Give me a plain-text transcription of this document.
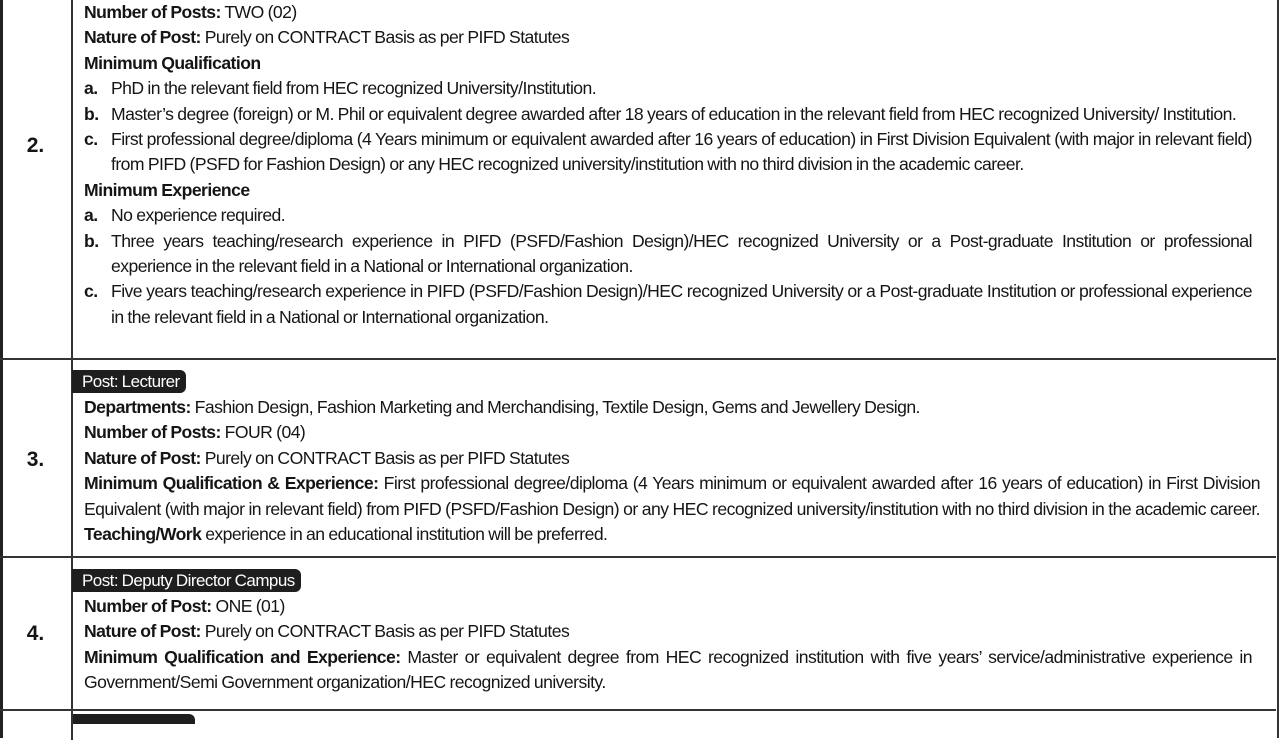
2.
Number of Posts: TWO (02)
Nature of Post: Purely on CONTRACT Basis as per PIFD Statutes
Minimum Qualification
a. PhD in the relevant field from HEC recognized University/Institution.
b. Master’s degree (foreign) or M. Phil or equivalent degree awarded after 18 years of education in the relevant field from HEC recognized University/ Institution.
c. First professional degree/diploma (4 Years minimum or equivalent awarded after 16 years of education) in First Division Equivalent (with major in relevant field) from PIFD (PSFD for Fashion Design) or any HEC recognized university/institution with no third division in the academic career.
Minimum Experience
a. No experience required.
b. Three years teaching/research experience in PIFD (PSFD/Fashion Design)/HEC recognized University or a Post-graduate Institution or professional experience in the relevant field in a National or International organization.
c. Five years teaching/research experience in PIFD (PSFD/Fashion Design)/HEC recognized University or a Post-graduate Institution or professional experience in the relevant field in a National or International organization.
3.
Post: Lecturer
Departments: Fashion Design, Fashion Marketing and Merchandising, Textile Design, Gems and Jewellery Design.
Number of Posts: FOUR (04)
Nature of Post: Purely on CONTRACT Basis as per PIFD Statutes
Minimum Qualification & Experience: First professional degree/diploma (4 Years minimum or equivalent awarded after 16 years of education) in First Division Equivalent (with major in relevant field) from PIFD (PSFD/Fashion Design) or any HEC recognized university/institution with no third division in the academic career. Teaching/Work experience in an educational institution will be preferred.
4.
Post: Deputy Director Campus
Number of Post: ONE (01)
Nature of Post: Purely on CONTRACT Basis as per PIFD Statutes
Minimum Qualification and Experience: Master or equivalent degree from HEC recognized institution with five years’ service/administrative experience in Government/Semi Government organization/HEC recognized university.
